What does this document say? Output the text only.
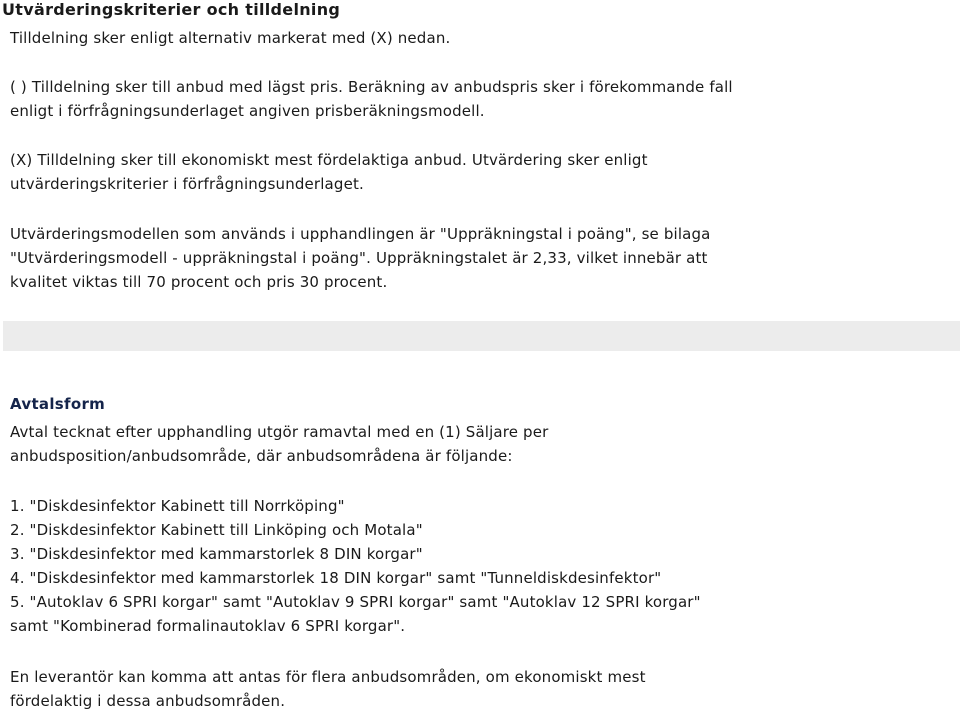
Utvärderingskriterier och tilldelning
Tilldelning sker enligt alternativ markerat med (X) nedan.
( ) Tilldelning sker till anbud med lägst pris. Beräkning av anbudspris sker i förekommande fall
enligt i förfrågningsunderlaget angiven prisberäkningsmodell.
(X) Tilldelning sker till ekonomiskt mest fördelaktiga anbud. Utvärdering sker enligt
utvärderingskriterier i förfrågningsunderlaget.
Utvärderingsmodellen som används i upphandlingen är "Uppräkningstal i poäng", se bilaga
"Utvärderingsmodell - uppräkningstal i poäng". Uppräkningstalet är 2,33, vilket innebär att
kvalitet viktas till 70 procent och pris 30 procent.
Avtalsform
Avtal tecknat efter upphandling utgör ramavtal med en (1) Säljare per
anbudsposition/anbudsområde, där anbudsområdena är följande:
1. "Diskdesinfektor Kabinett till Norrköping"
2. "Diskdesinfektor Kabinett till Linköping och Motala"
3. "Diskdesinfektor med kammarstorlek 8 DIN korgar"
4. "Diskdesinfektor med kammarstorlek 18 DIN korgar" samt "Tunneldiskdesinfektor"
5. "Autoklav 6 SPRI korgar" samt "Autoklav 9 SPRI korgar" samt "Autoklav 12 SPRI korgar"
samt "Kombinerad formalinautoklav 6 SPRI korgar".
En leverantör kan komma att antas för flera anbudsområden, om ekonomiskt mest
fördelaktig i dessa anbudsområden.
